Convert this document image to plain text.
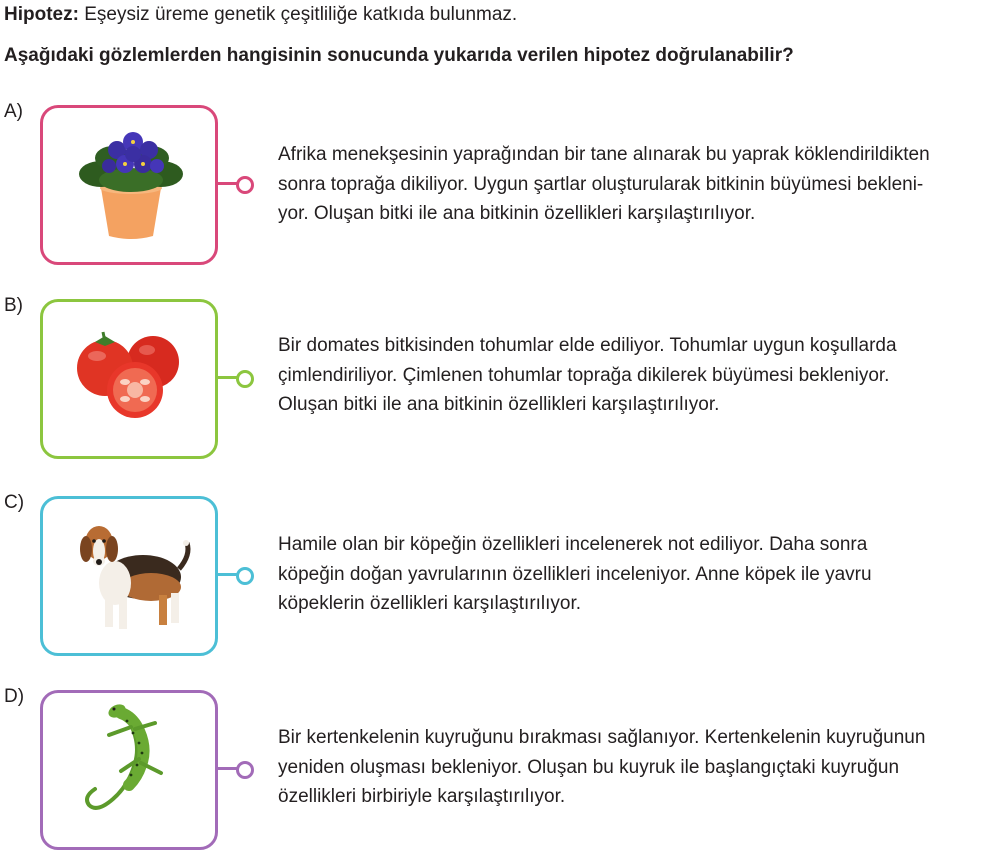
Hipotez: Eşeysiz üreme genetik çeşitliliğe katkıda bulunmaz.
Aşağıdaki gözlemlerden hangisinin sonucunda yukarıda verilen hipotez doğrulanabilir?
A)
Afrika menekşesinin yaprağından bir tane alınarak bu yaprak köklendirildikten
sonra toprağa dikiliyor. Uygun şartlar oluşturularak bitkinin büyümesi bekleni-
yor. Oluşan bitki ile ana bitkinin özellikleri karşılaştırılıyor.
B)
Bir domates bitkisinden tohumlar elde ediliyor. Tohumlar uygun koşullarda
çimlendiriliyor. Çimlenen tohumlar toprağa dikilerek büyümesi bekleniyor.
Oluşan bitki ile ana bitkinin özellikleri karşılaştırılıyor.
C)
Hamile olan bir köpeğin özellikleri incelenerek not ediliyor. Daha sonra
köpeğin doğan yavrularının özellikleri inceleniyor. Anne köpek ile yavru
köpeklerin özellikleri karşılaştırılıyor.
D)
Bir kertenkelenin kuyruğunu bırakması sağlanıyor. Kertenkelenin kuyruğunun
yeniden oluşması bekleniyor. Oluşan bu kuyruk ile başlangıçtaki kuyruğun
özellikleri birbiriyle karşılaştırılıyor.
